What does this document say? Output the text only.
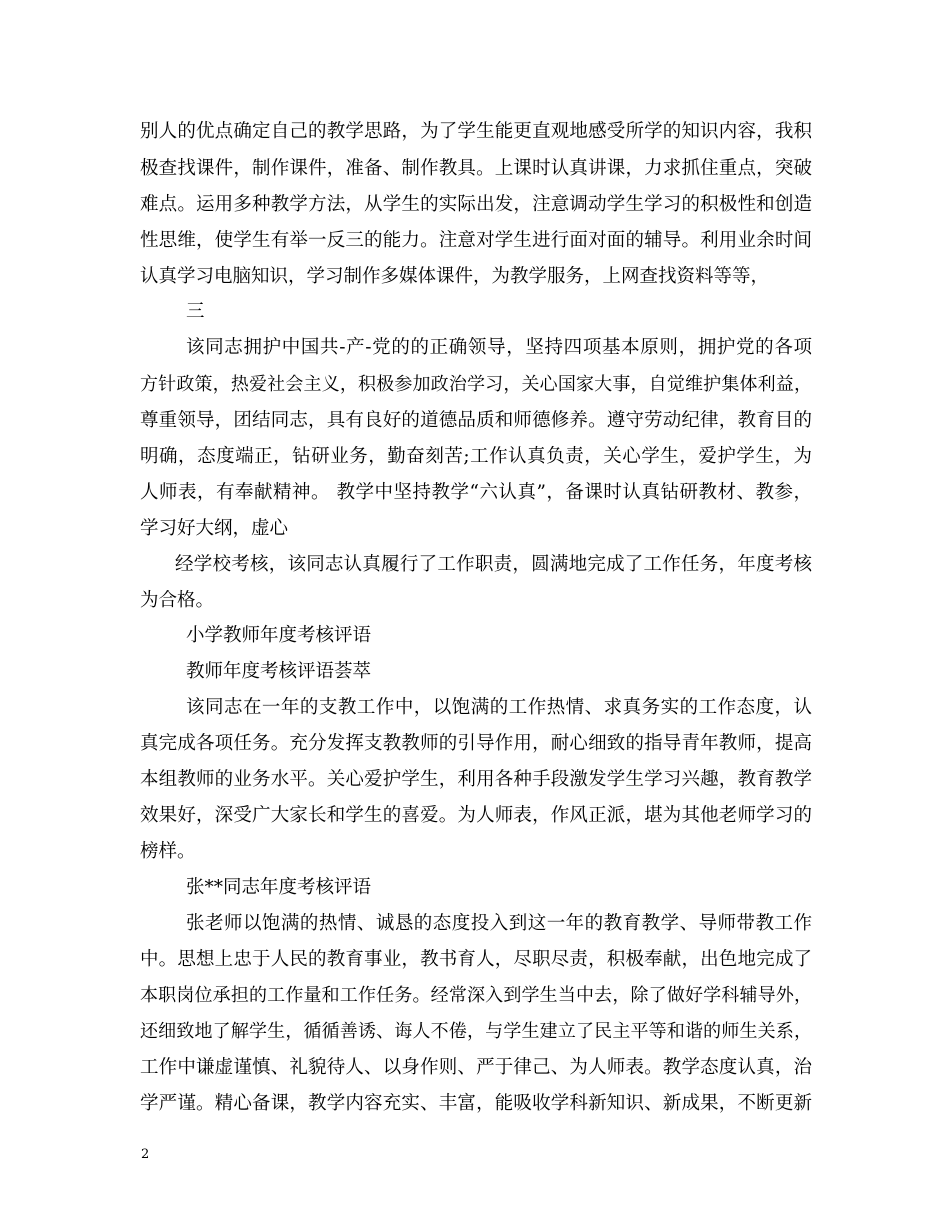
别人的优点确定自己的教学思路，为了学生能更直观地感受所学的知识内容，我积
极查找课件，制作课件，准备、制作教具。上课时认真讲课，力求抓住重点，突破
难点。运用多种教学方法，从学生的实际出发，注意调动学生学习的积极性和创造
性思维，使学生有举一反三的能力。注意对学生进行面对面的辅导。利用业余时间
认真学习电脑知识，学习制作多媒体课件，为教学服务，上网查找资料等等，
三
该同志拥护中国共-产-党的的正确领导，坚持四项基本原则，拥护党的各项
方针政策，热爱社会主义，积极参加政治学习，关心国家大事，自觉维护集体利益，
尊重领导，团结同志，具有良好的道德品质和师德修养。遵守劳动纪律，教育目的
明确，态度端正，钻研业务，勤奋刻苦;工作认真负责，关心学生，爱护学生，为
人师表，有奉献精神。 教学中坚持教学“六认真”，备课时认真钻研教材、教参，
学习好大纲，虚心
经学校考核，该同志认真履行了工作职责，圆满地完成了工作任务，年度考核
为合格。
小学教师年度考核评语
教师年度考核评语荟萃
该同志在一年的支教工作中，以饱满的工作热情、求真务实的工作态度，认
真完成各项任务。充分发挥支教教师的引导作用，耐心细致的指导青年教师，提高
本组教师的业务水平。关心爱护学生，利用各种手段激发学生学习兴趣，教育教学
效果好，深受广大家长和学生的喜爱。为人师表，作风正派，堪为其他老师学习的
榜样。
张**同志年度考核评语
张老师以饱满的热情、诚恳的态度投入到这一年的教育教学、导师带教工作
中。思想上忠于人民的教育事业，教书育人，尽职尽责，积极奉献，出色地完成了
本职岗位承担的工作量和工作任务。经常深入到学生当中去，除了做好学科辅导外，
还细致地了解学生，循循善诱、诲人不倦，与学生建立了民主平等和谐的师生关系，
工作中谦虚谨慎、礼貌待人、以身作则、严于律己、为人师表。教学态度认真，治
学严谨。精心备课，教学内容充实、丰富，能吸收学科新知识、新成果，不断更新
2
